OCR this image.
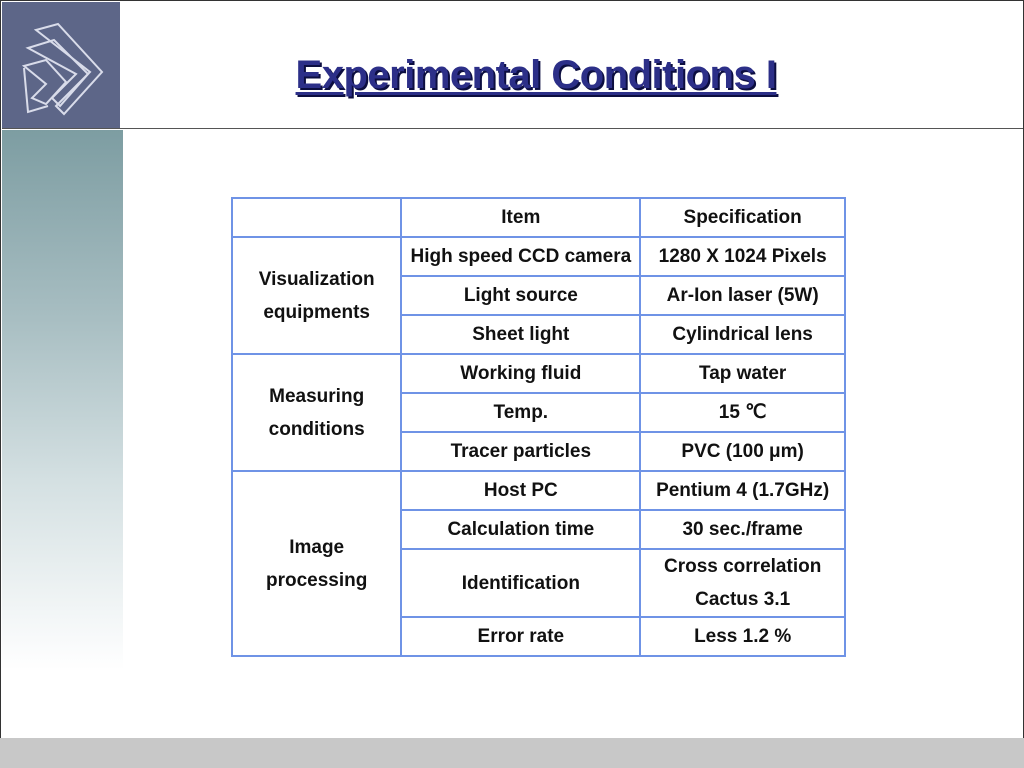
Experimental Conditions I
	Item	Specification

Visualization
equipments	High speed CCD camera	1280 X 1024 Pixels
	Light source	Ar-Ion laser (5W)
	Sheet light	Cylindrical lens

Measuring
conditions	Working fluid	Tap water
	Temp.	15 ℃
	Tracer particles	PVC (100 μm)

Image
processing	Host PC	Pentium 4 (1.7GHz)
	Calculation time	30 sec./frame
	Identification	Cross correlation
Cactus 3.1

	Error rate	Less 1.2 %
